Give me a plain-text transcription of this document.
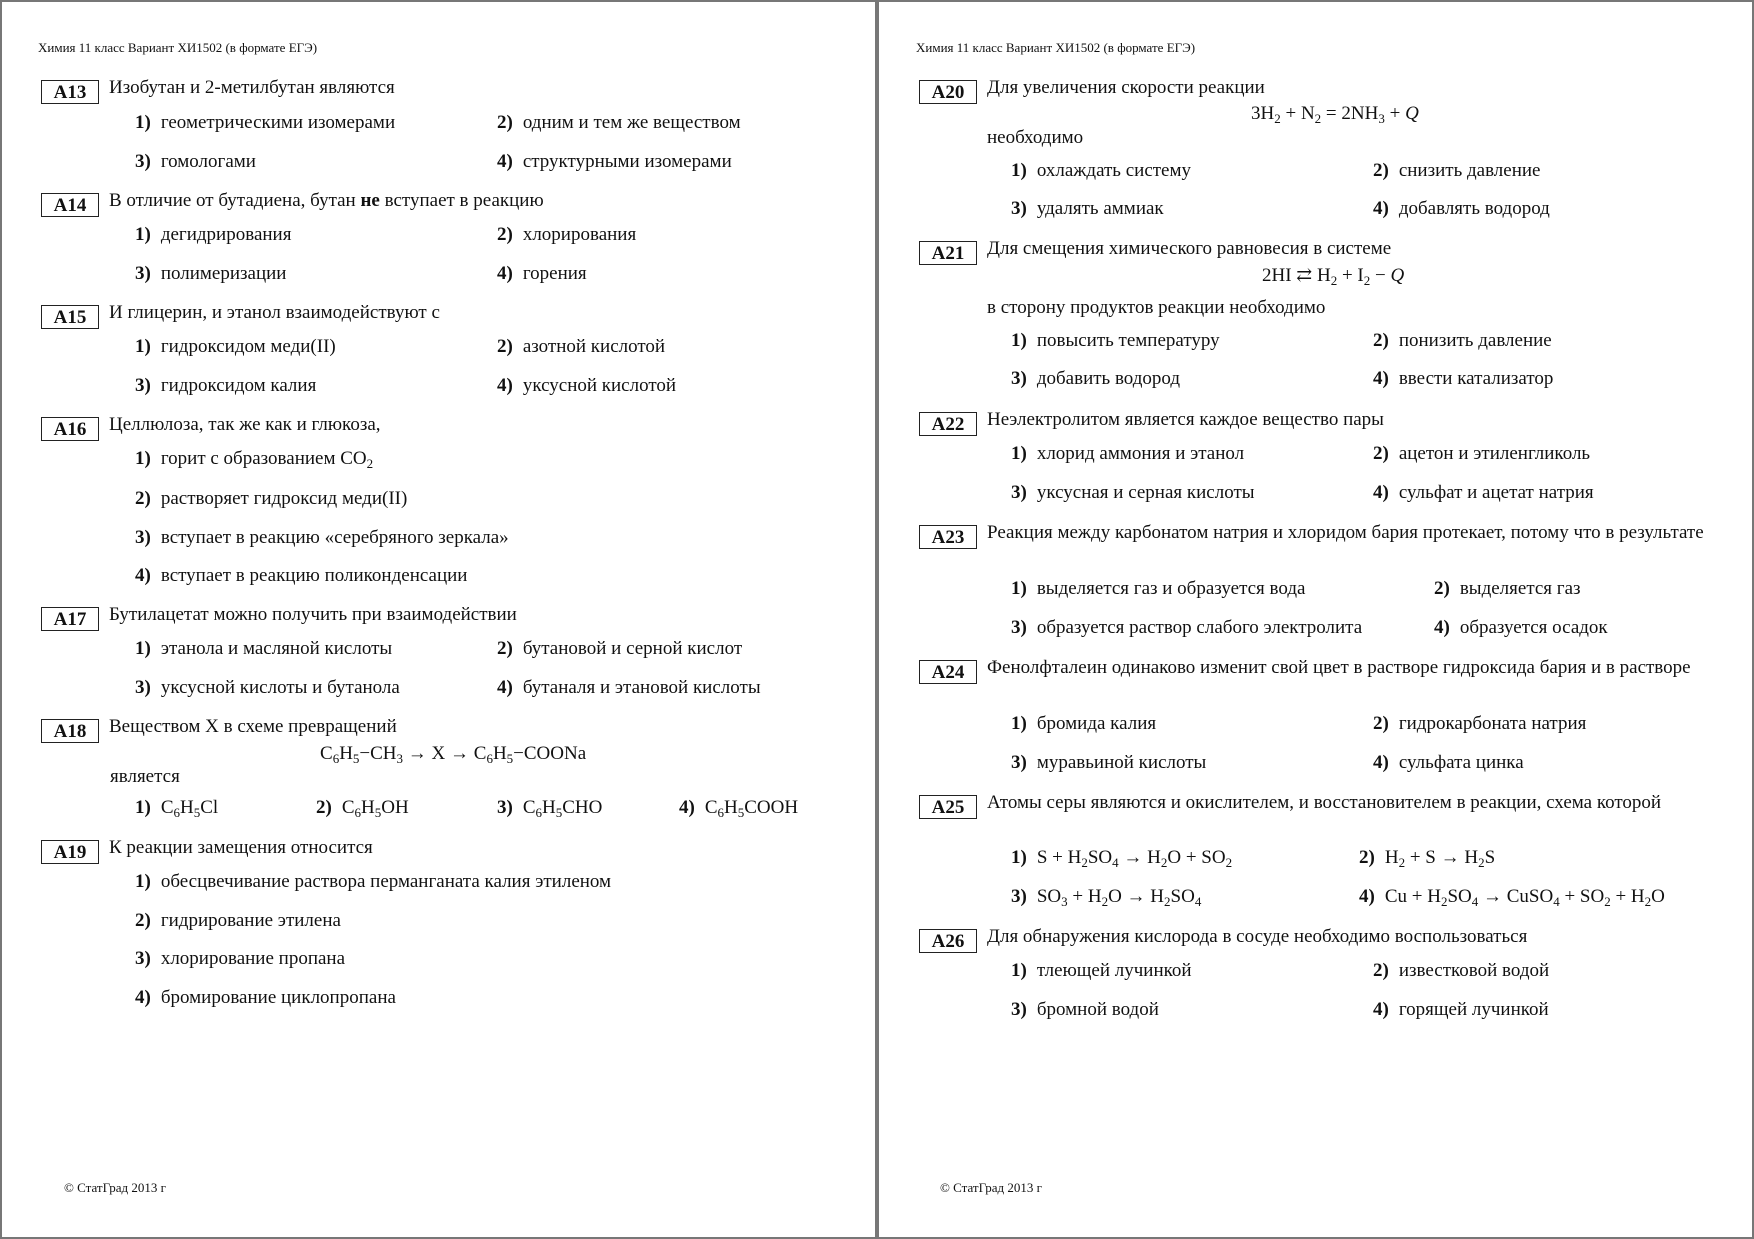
Химия 11 класс Вариант ХИ1502 (в формате ЕГЭ)
A13	Изобутан и 2-метилбутан являются
1) геометрическими изомерами	2) одним и тем же веществом
3) гомологами	4) структурными изомерами
A14	В отличие от бутадиена, бутан не вступает в реакцию
1) дегидрирования	2) хлорирования
3) полимеризации	4) горения
A15	И глицерин, и этанол взаимодействуют с
1) гидроксидом меди(II)	2) азотной кислотой
3) гидроксидом калия	4) уксусной кислотой
A16	Целлюлоза, так же как и глюкоза,
1) горит с образованием $CO_2$
2) растворяет гидроксид меди(II)
3) вступает в реакцию «серебряного зеркала»
4) вступает в реакцию поликонденсации
A17	Бутилацетат можно получить при взаимодействии
1) этанола и масляной кислоты	2) бутановой и серной кислот
3) уксусной кислоты и бутанола	4) бутаналя и этановой кислоты
A18	Веществом X в схеме превращений
$C_6H_5-CH_3 \to X$ → $C_6H_5-COONa$
является
1) $C_6H_5Cl$	2) $C_6H_5OH$	3) $C_6H_5CHO$	4) $C_6H_5COOH$
A19	К реакции замещения относится
1) обесцвечивание раствора перманганата калия этиленом
2) гидрирование этилена
3) хлорирование пропана
4) бромирование циклопропана
© СтатГрад 2013 г
Химия 11 класс Вариант ХИ1502 (в формате ЕГЭ)
A20	Для увеличения скорости реакции
$3H_2 + N_2 = 2NH_3 + Q$
необходимо
1) охлаждать систему	2) снизить давление
3) удалять аммиак	4) добавлять водород
A21	Для смещения химического равновесия в системе
2HI ⇄ $H_2 + I_2 - Q$
в сторону продуктов реакции необходимо
1) повысить температуру	2) понизить давление
3) добавить водород	4) ввести катализатор
A22	Неэлектролитом является каждое вещество пары
1) хлорид аммония и этанол	2) ацетон и этиленгликоль
3) уксусная и серная кислоты	4) сульфат и ацетат натрия
A23	Реакция между карбонатом натрия и хлоридом бария протекает, потому что в результате
1) выделяется газ и образуется вода	2) выделяется газ
3) образуется раствор слабого электролита	4) образуется осадок
A24	Фенолфталеин одинаково изменит свой цвет в растворе гидроксида бария и в растворе
1) бромида калия	2) гидрокарбоната натрия
3) муравьиной кислоты	4) сульфата цинка
A25	Атомы серы являются и окислителем, и восстановителем в реакции, схема которой
1) $S + H_2SO_4 \to H_2O + SO_2$	2) $H_2 + S \to H_2S$
3) $SO_3 + H_2O \to H_2SO_4$	4) $Cu + H_2SO_4$ → CuSO$_4$ + $SO_2 + H_2O$
A26	Для обнаружения кислорода в сосуде необходимо воспользоваться
1) тлеющей лучинкой	2) известковой водой
3) бромной водой	4) горящей лучинкой
© СтатГрад 2013 г
